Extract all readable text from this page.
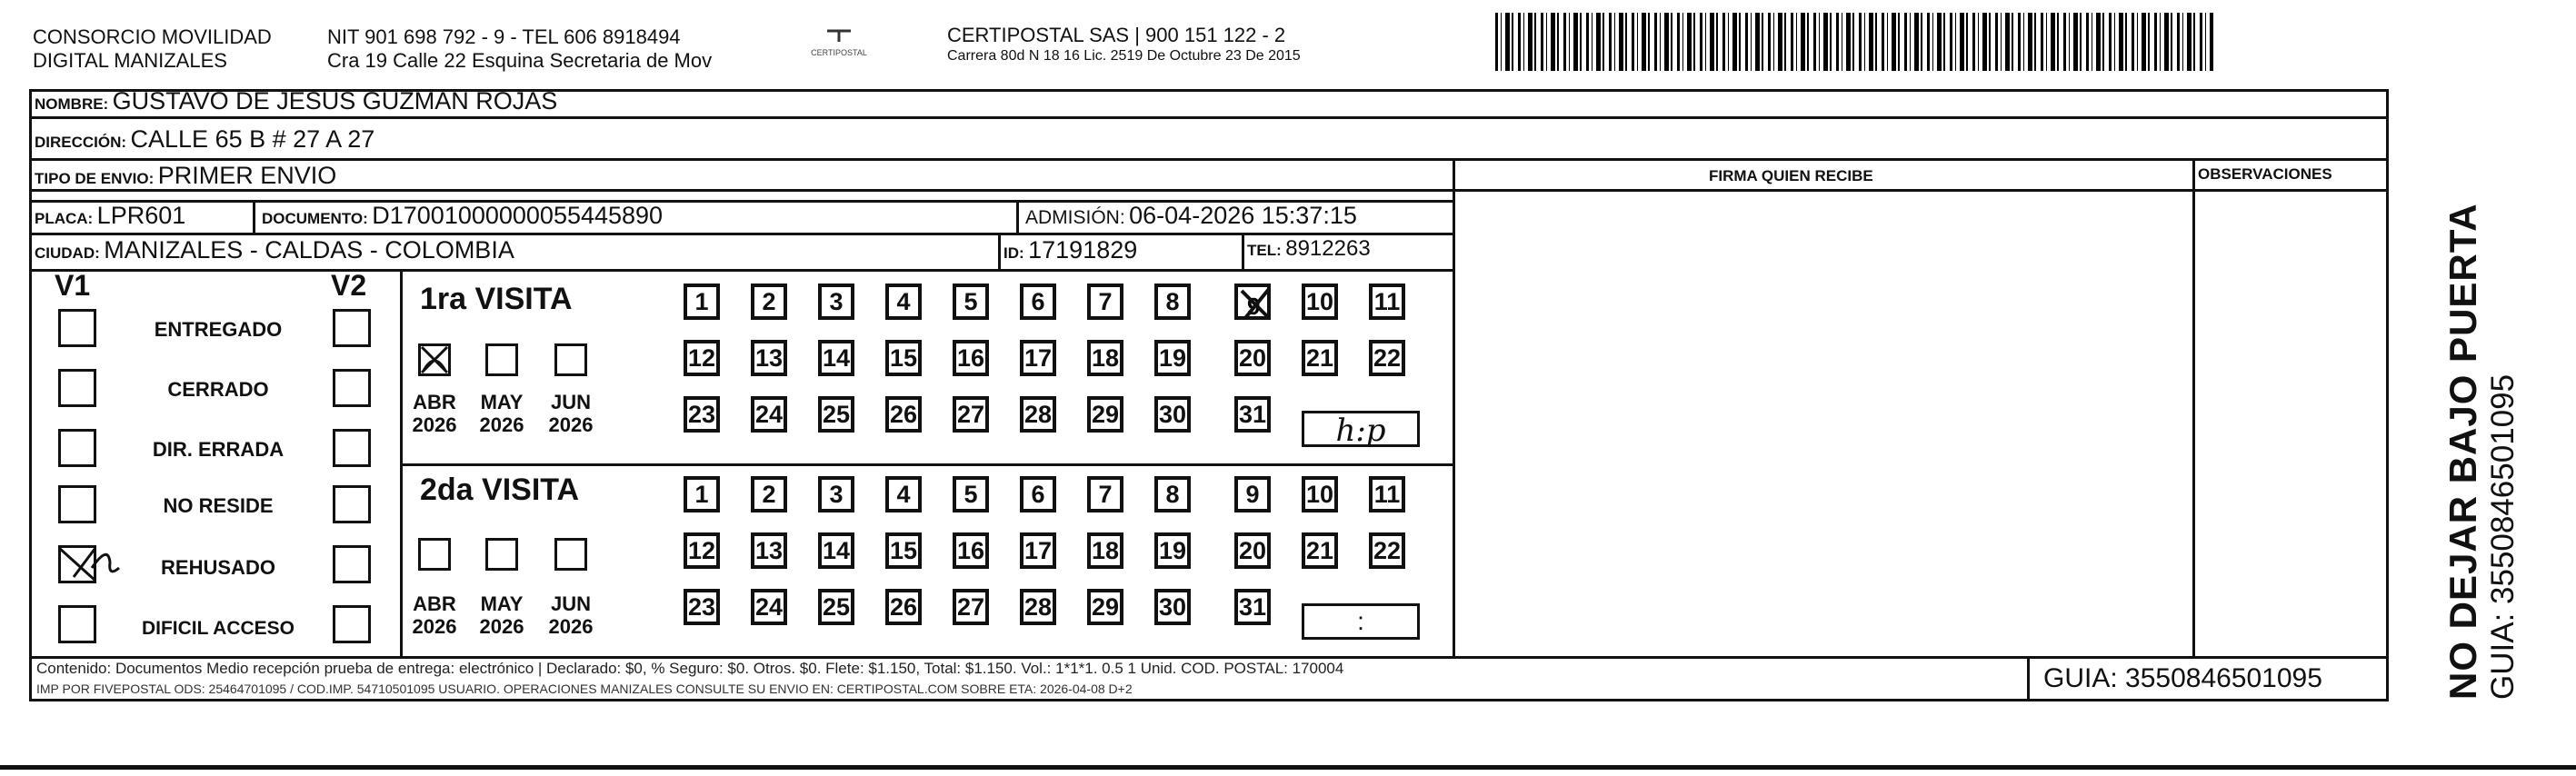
CONSORCIO MOVILIDAD
DIGITAL MANIZALES
NIT 901 698 792 - 9 - TEL 606 8918494
Cra 19 Calle 22 Esquina Secretaria de Mov	CERTIPOSTAL
CERTIPOSTAL SAS | 900 151 122 - 2
Carrera 80d N 18 16 Lic. 2519 De Octubre 23 De 2015
NOMBRE: GUSTAVO DE JESUS GUZMAN ROJAS
DIRECCIÓN: CALLE 65 B # 27 A 27
TIPO DE ENVIO: PRIMER ENVIO	FIRMA QUIEN RECIBE	OBSERVACIONES
PLACA: LPR601	DOCUMENTO: D17001000000055445890	ADMISIÓN: 06-04-2026 15:37:15
CIUDAD: MANIZALES - CALDAS - COLOMBIA	ID: 17191829	TEL: 8912263
V1	V2
ENTREGADO
CERRADO
DIR. ERRADA
NO RESIDE
REHUSADO
DIFICIL ACCESO
1ra VISITA
ABR
2026
MAY
2026
JUN
2026
2da VISITA
ABR
2026
MAY
2026
JUN
2026
1	2	3	4	5	6	7	8	9 10 11
12 13 14 15 16 17 18 19 20 21 22
23 24 25 26 27 28 29 30 31
1	2	3	4	5	6	7	8	9	10 11
12 13 14 15 16 17 18 19 20 21 22
23 24 25 26 27 28 29 30 31
h:p
:
Contenido: Documentos Medio recepción prueba de entrega: electrónico | Declarado: $0, % Seguro: $0. Otros. $0. Flete: $1.150, Total: $1.150. Vol.: 1*1*1. 0.5 1 Unid. COD. POSTAL: 170004
IMP POR FIVEPOSTAL ODS: 25464701095 / COD.IMP. 54710501095 USUARIO. OPERACIONES MANIZALES CONSULTE SU ENVIO EN: CERTIPOSTAL.COM SOBRE ETA: 2026-04-08 D+2	GUIA: 3550846501095	NO DEJAR BAJO PUERTA GUIA: 3550846501095
